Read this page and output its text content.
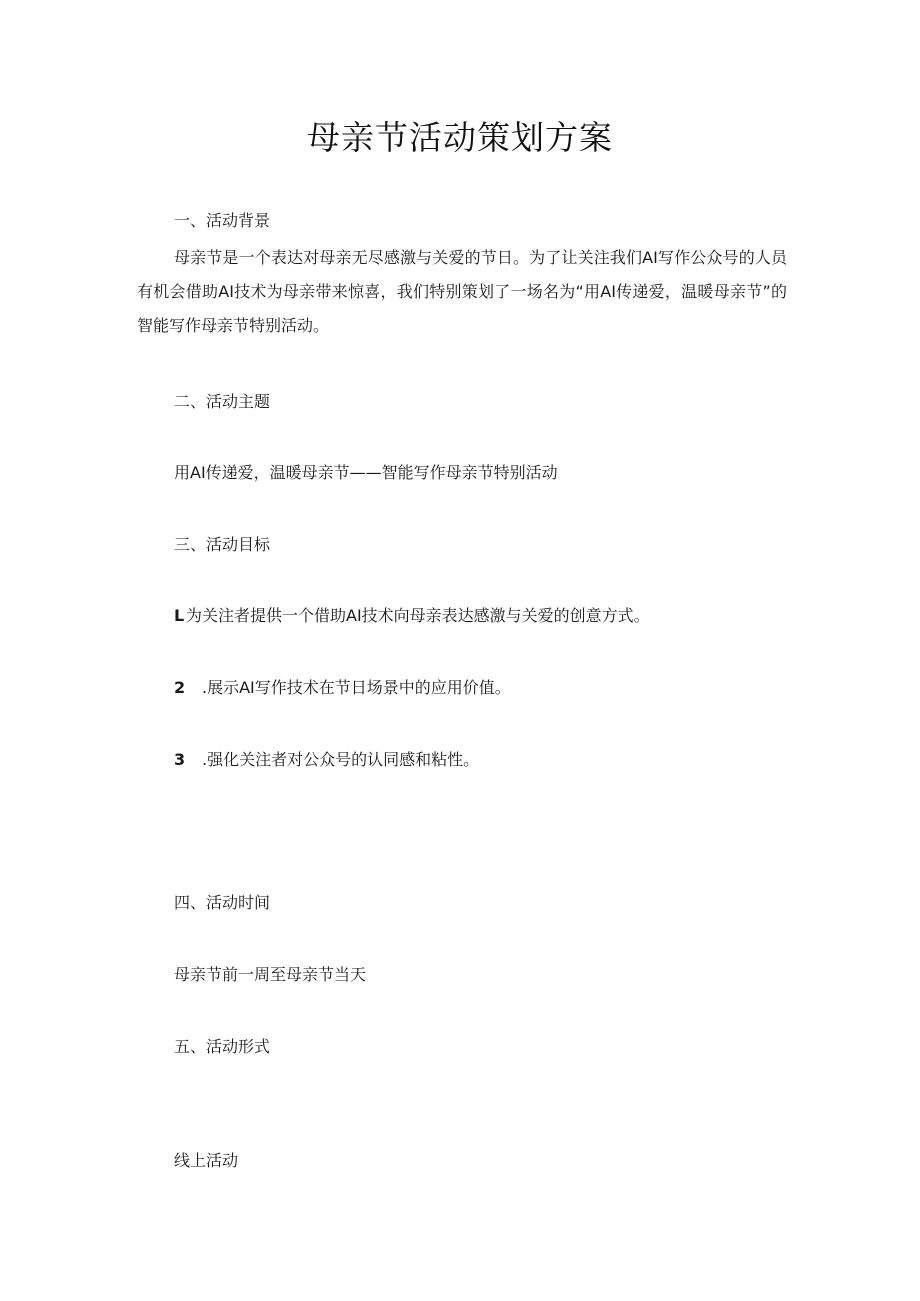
母亲节活动策划方案

一、活动背景

母亲节是一个表达对母亲无尽感激与关爱的节日。为了让关注我们AI写作公众号的人员有机会借助AI技术为母亲带来惊喜，我们特别策划了一场名为“用AI传递爱，温暖母亲节”的智能写作母亲节特别活动。

二、活动主题

用AI传递爱，温暖母亲节——智能写作母亲节特别活动

三、活动目标

L 为关注者提供一个借助AI技术向母亲表达感激与关爱的创意方式。

2 .展示AI写作技术在节日场景中的应用价值。

3 .强化关注者对公众号的认同感和粘性。

四、活动时间

母亲节前一周至母亲节当天

五、活动形式

线上活动
